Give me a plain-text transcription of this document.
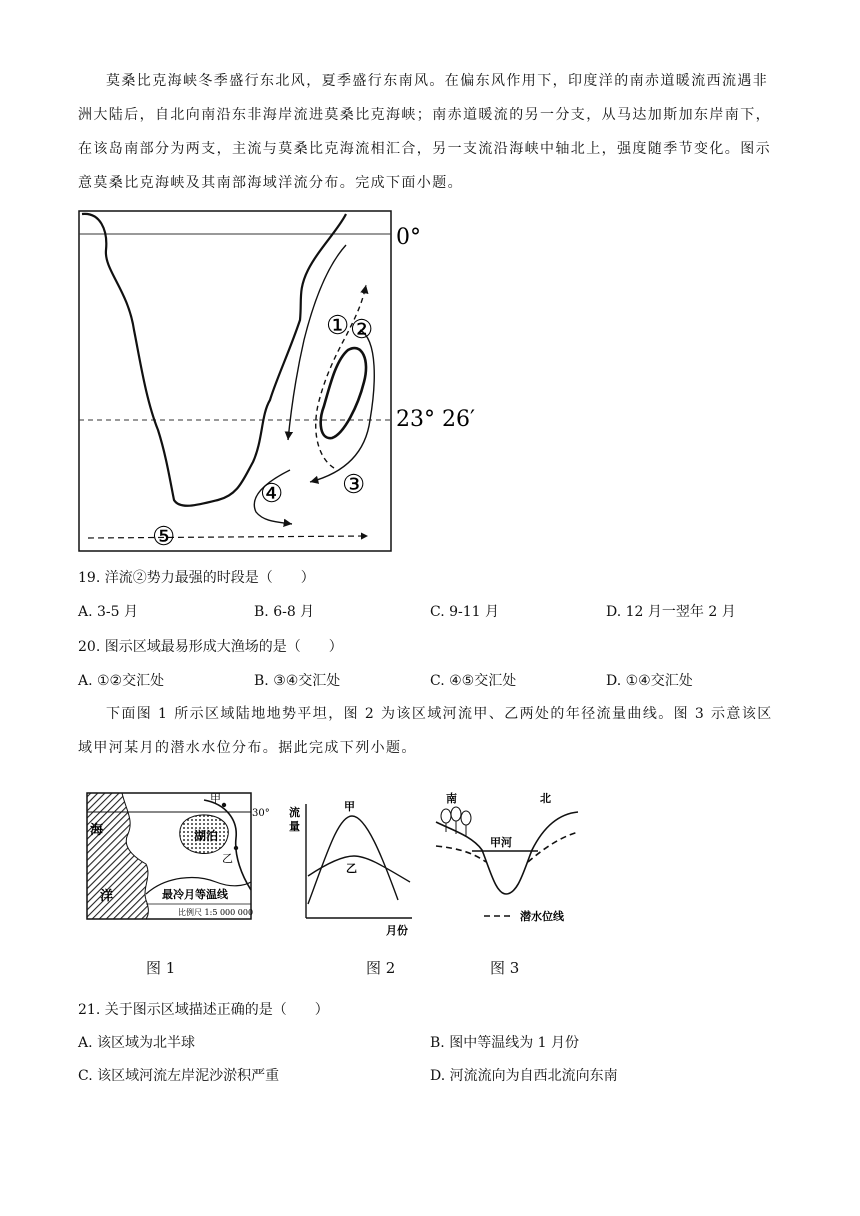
莫桑比克海峡冬季盛行东北风，夏季盛行东南风。在偏东风作用下，印度洋的南赤道暖流西流遇非洲大陆后，自北向南沿东非海岸流进莫桑比克海峡；南赤道暖流的另一分支，从马达加斯加东岸南下，在该岛南部分为两支，主流与莫桑比克海流相汇合，另一支流沿海峡中轴北上，强度随季节变化。图示意莫桑比克海峡及其南部海域洋流分布。完成下面小题。

① ②
③
④
⑤
0°
23° 26′

19. 洋流②势力最强的时段是（　　）

A. 3-5 月	B. 6-8 月	C. 9-11 月	D. 12 月一翌年 2 月

20. 图示区域最易形成大渔场的是（　　）

A. ①②交汇处	B. ③④交汇处	C. ④⑤交汇处	D. ①④交汇处

下面图 1 所示区域陆地地势平坦，图 2 为该区域河流甲、乙两处的年径流量曲线。图 3 示意该区域甲河某月的潜水水位分布。据此完成下列小题。

海
洋
湖泊
甲
乙
30°
最冷月等温线
比例尺 1:5 000 000
图 1
流
量
甲
乙
月份
图 2
南	北
甲河
潜水位线
图 3

21. 关于图示区域描述正确的是（　　）

A. 该区域为北半球	B. 图中等温线为 1 月份

C. 该区域河流左岸泥沙淤积严重	D. 河流流向为自西北流向东南
